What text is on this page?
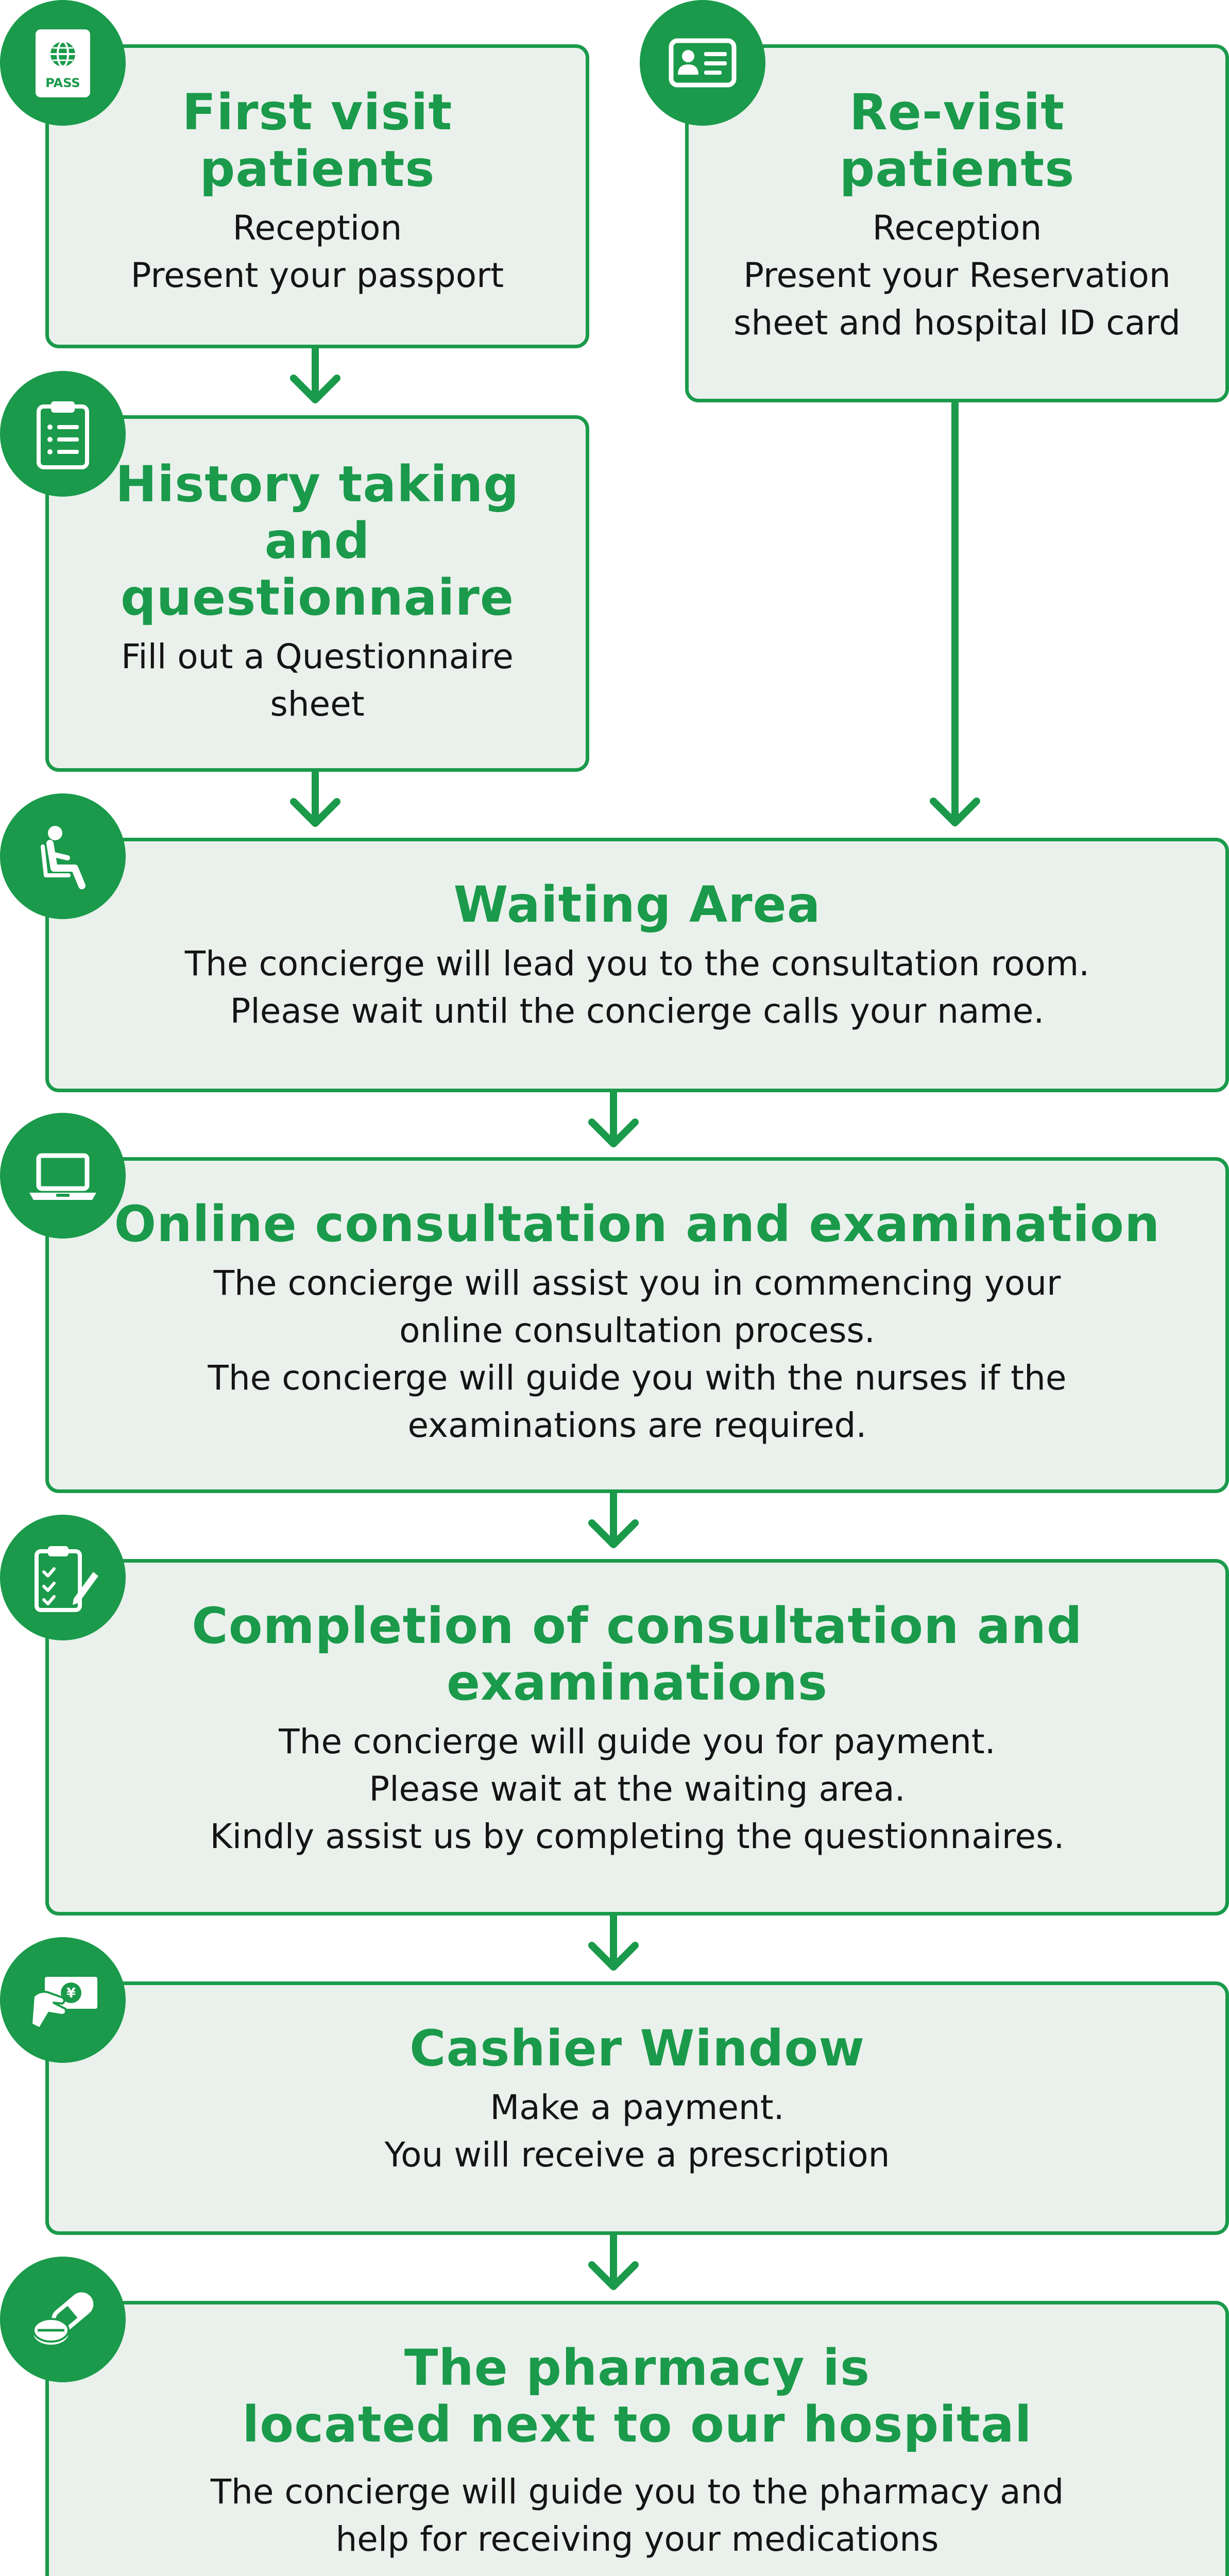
First visit
patients
Reception
Present your passport
PASS
Re-visit
patients
Reception
Present your Reservation
sheet and hospital ID card
History taking
and
questionnaire
Fill out a Questionnaire
sheet
Waiting Area
The concierge will lead you to the consultation room.
Please wait until the concierge calls your name.
Online consultation and examination
The concierge will assist you in commencing your
online consultation process.
The concierge will guide you with the nurses if the
examinations are required.
Completion of consultation and
examinations
The concierge will guide you for payment.
Please wait at the waiting area.
Kindly assist us by completing the questionnaires.
Cashier Window
Make a payment.
You will receive a prescription
¥
The pharmacy is
located next to our hospital
The concierge will guide you to the pharmacy and
help for receiving your medications
